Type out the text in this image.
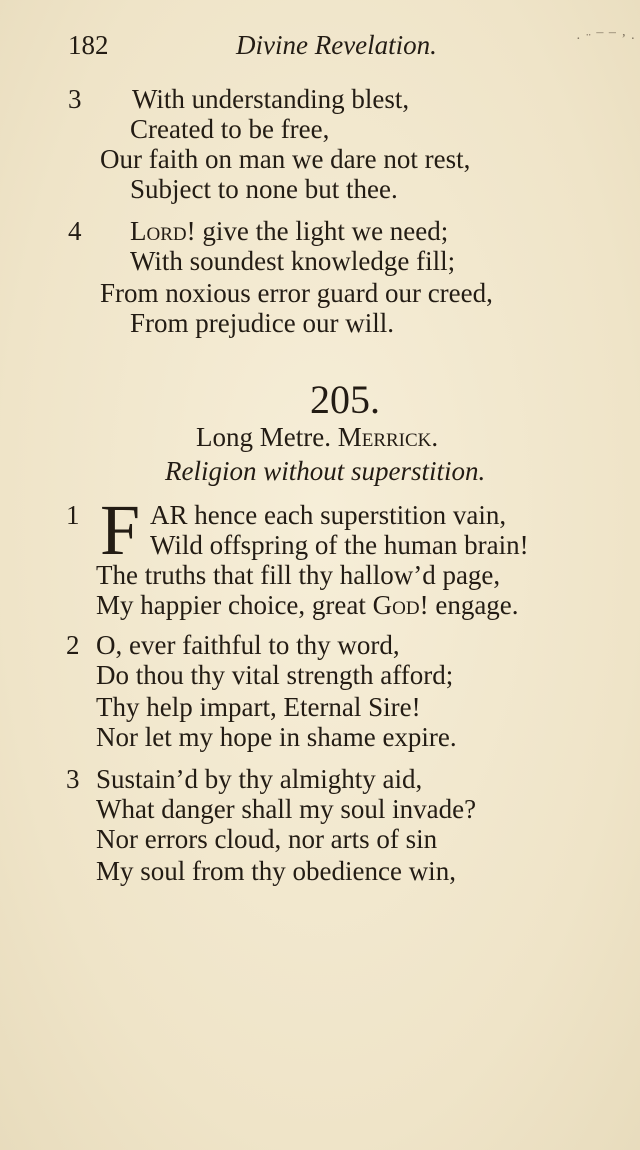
182	Divine Revelation.	· ¨ ¯ ¯ ’ ·
3 With understanding blest,
Created to be free,
Our faith on man we dare not rest,
Subject to none but thee.
4 Lord! give the light we need;
With soundest knowledge fill;
From noxious error guard our creed,
From prejudice our will.
205.
Long Metre. Merrick.
Religion without superstition.
1 F AR hence each superstition vain,
Wild offspring of the human brain!
The truths that fill thy hallow’d page,
My happier choice, great God! engage.
2 O, ever faithful to thy word,
Do thou thy vital strength afford;
Thy help impart, Eternal Sire!
Nor let my hope in shame expire.
3 Sustain’d by thy almighty aid,
What danger shall my soul invade?
Nor errors cloud, nor arts of sin
My soul from thy obedience win,
